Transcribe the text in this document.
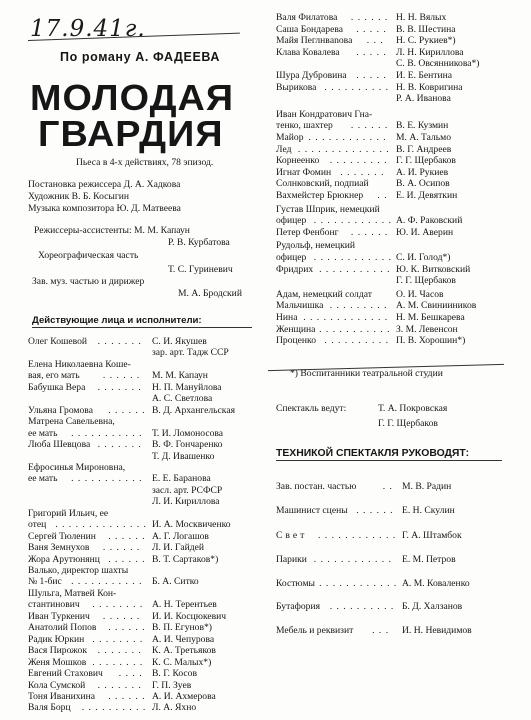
17.9.41г.
По роману А. ФАДЕЕВА
МОЛОДАЯ
ГВАРДИЯ
Пьеса в 4-х действиях, 78 эпизод.
Постановка режиссера Д. А. Хадкова
Художник В. Б. Косыгин
Музыка композитора Ю. Д. Матвеева
Режиссеры-ассистенты: М. М. Капаун
Р. В. Курбатова
Хореографическая часть
Т. С. Гуриневич
Зав. муз. частью и дирижер
М. А. Бродский
Действующие лица и исполнители:
Олег Кошевой . . . . . . . С. И. Якушев
зар. арт. Тадж ССР
Елена Николаевна Коше-
вая, его мать . . . . . . М. М. Капаун
Бабушка Вера . . . . . . . Н. П. Мануйлова
А. С. Светлова
Ульяна Громова . . . . . . В. Д. Архангельская
Матрена Савельевна,
ее мать . . . . . . . . . . . Т. И. Ломоносова
Люба Шевцова . . . . . . . В. Ф. Гончаренко
Т. Д. Ивашенко
Ефросинья Мироновна,
ее мать . . . . . . . . . . . Е. Е. Баранова
засл. арт. РСФСР
Л. И. Кириллова
Григорий Ильич, ее
отец . . . . . . . . . . . . . . И. А. Москвиченко
Сергей Тюленин . . . . . . А. Г. Логашов
Ваня Земнухов . . . . . . Л. И. Гайдей
Жора Арутюнянц . . . . . . В. Т. Сартаков*)
Валько, директор шахты
№ 1-бис . . . . . . . . . . . Б. А. Ситко
Шульга, Матвей Кон-
стантинович . . . . . . . . А. Н. Терентьев
Иван Туркенич . . . . . . И. И. Косцюкевич
Анатолий Попов . . . . . . В. П. Егунов*)
Радик Юркин . . . . . . . . А. И. Чепурова
Вася Пирожок . . . . . . . К. А. Третьяков
Женя Мошков . . . . . . . . К. С. Малых*)
Евгений Стахович . . . . В. Г. Косов
Кола Сумской . . . . . . . Г. П. Зуев
Тоня Иванихина . . . . . . А. И. Ахмерова
Валя Борц . . . . . . . . . . Л. А. Яхно
Валя Филатова . . . . . . Н. Н. Вялых
Саша Бондарева . . . . . В. В. Шестина
Майя Пеглнвanова . . . Н. С. Рукиев*)
Клава Ковалева . . . . . Л. Н. Кириллова
С. В. Овсянникова*)
Шура Дубровина . . . . . И. Е. Бентина
Вырикова . . . . . . . . . . Н. В. Ковригина
Р. А. Иванова
Иван Кондратович Гна-
тенко, шахтер . . . . . . В. Е. Кузмин
Майор . . . . . . . . . . . . М. А. Тальмо
Лед . . . . . . . . . . . . . . В. Г. Андреев
Корнеенко . . . . . . . . . Г. Г. Щербаков
Игнат Фомин . . . . . . . А. И. Рукиев
Солнковский, подпиай	В. А. Осипов
Вахмейстер Брюкнер . . Е. И. Девяткин
Густав Шприк, немецкий
офицер . . . . . . . . . . . . А. Ф. Раковский
Петер Фенбонг . . . . . . Ю. И. Аверин
Рудольф, немецкий
офицер . . . . . . . . . . . . С. И. Голод*)
Фридрих . . . . . . . . . . . Ю. К. Витковский
Г. Г. Щербаков
Адам, немецкий солдат	О. И. Часов
Мальчишка . . . . . . . . . А. М. Свинииников
Нина . . . . . . . . . . . . . Н. М. Бешкарева
Женщина . . . . . . . . . . . З. М. Левенсон
Проценко . . . . . . . . . . П. В. Хорошин*)
*) Воспитанники театральной студии
Спектакль ведут:	Т. А. Покровская
Г. Г. Щербаков
ТЕХНИКОЙ СПЕКТАКЛЯ РУКОВОДЯТ:
Зав. постан. частью	. . М. В. Радин
Машинист сцены . . . . . . Е. Н. Скулин
Свет . . . . . . . . . . . . Г. А. Штамбок
Парики . . . . . . . . . . . . Е. М. Петров
Костюмы . . . . . . . . . . . . А. М. Коваленко
Бутафория . . . . . . . . . . Б. Д. Халзанов
Мебель и реквизит . . . И. Н. Невидимов
